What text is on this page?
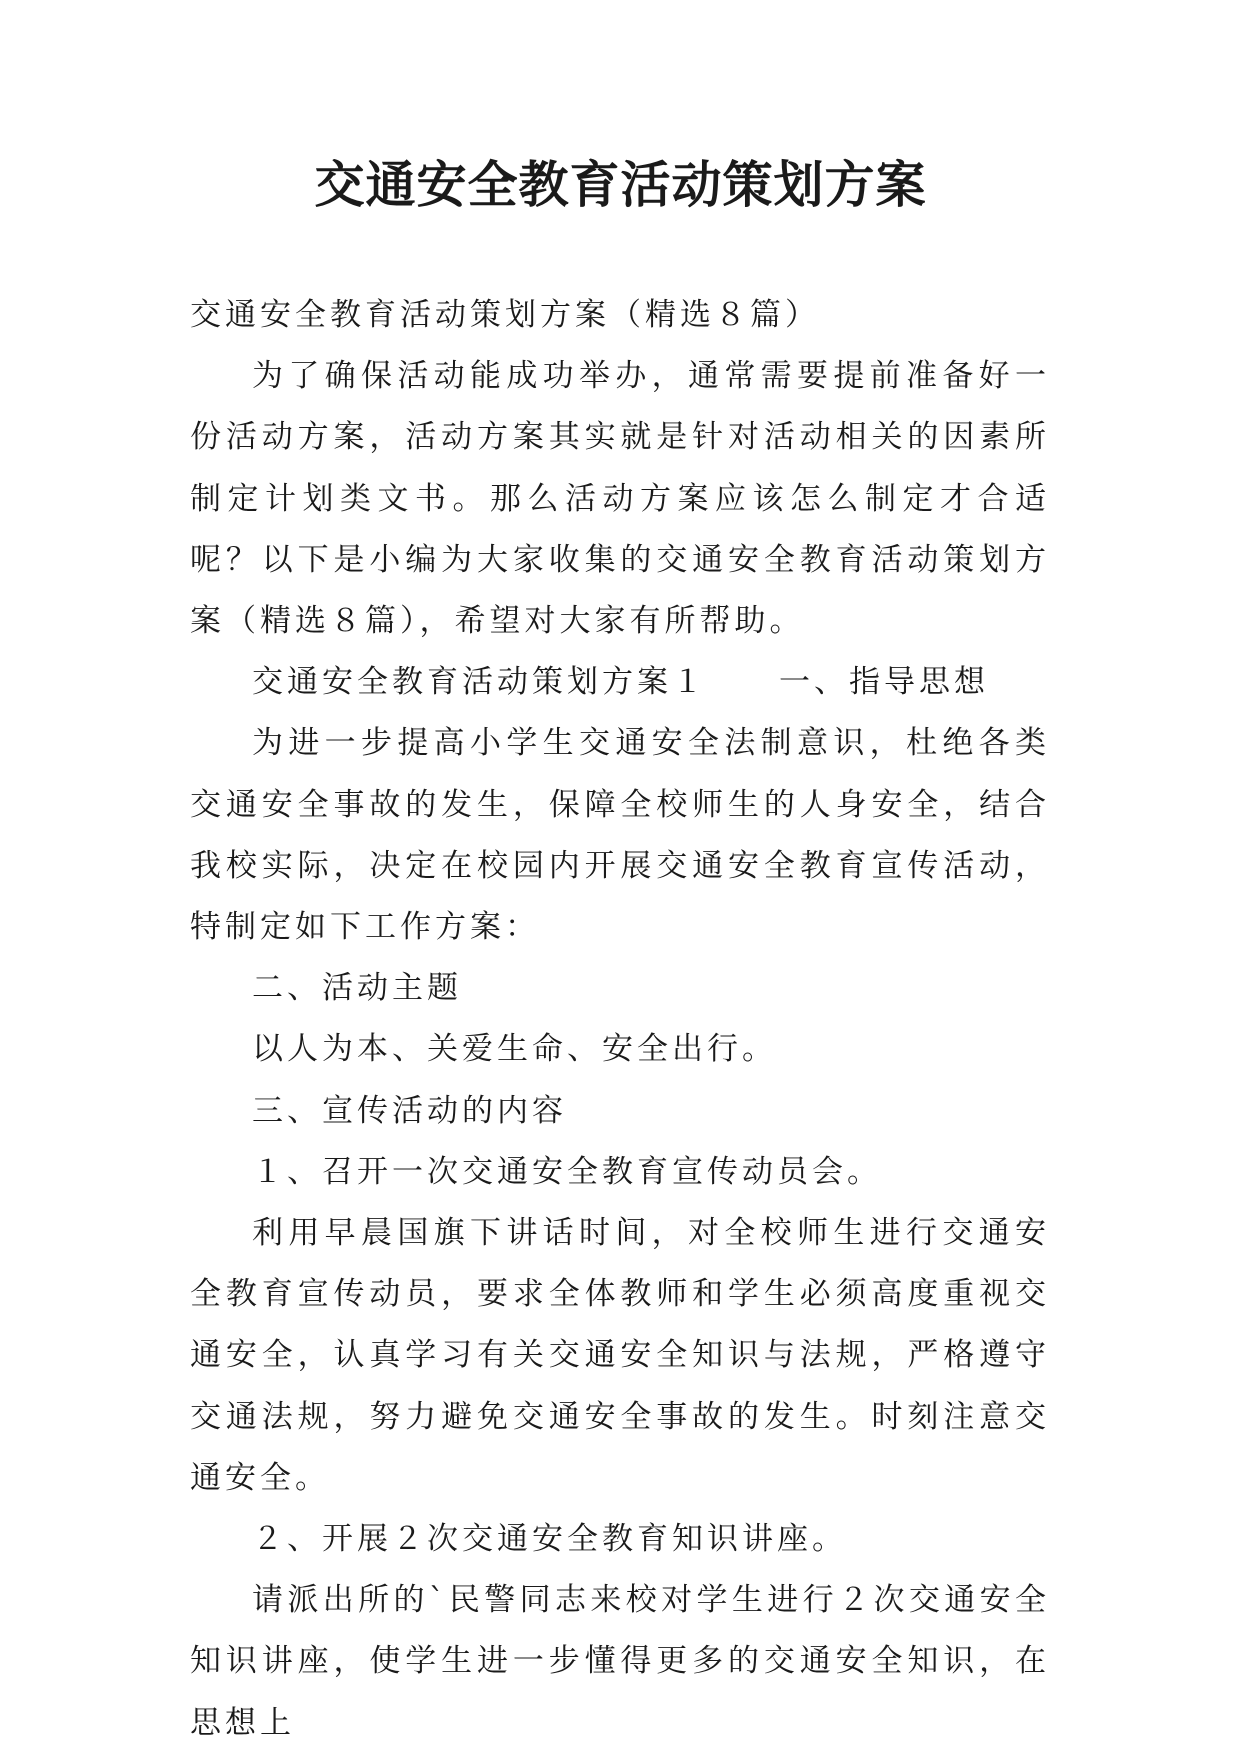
交通安全教育活动策划方案

交通安全教育活动策划方案（精选８篇）

为了确保活动能成功举办，通常需要提前准备好一份活动方案，活动方案其实就是针对活动相关的因素所制定计划类文书。那么活动方案应该怎么制定才合适呢？以下是小编为大家收集的交通安全教育活动策划方案（精选８篇），希望对大家有所帮助。

交通安全教育活动策划方案１ 一、指导思想

为进一步提高小学生交通安全法制意识，杜绝各类交通安全事故的发生，保障全校师生的人身安全，结合我校实际，决定在校园内开展交通安全教育宣传活动，特制定如下工作方案：

二、活动主题

以人为本、关爱生命、安全出行。

三、宣传活动的内容

１、召开一次交通安全教育宣传动员会。

利用早晨国旗下讲话时间，对全校师生进行交通安全教育宣传动员，要求全体教师和学生必须高度重视交通安全，认真学习有关交通安全知识与法规，严格遵守交通法规，努力避免交通安全事故的发生。时刻注意交通安全。

２、开展２次交通安全教育知识讲座。

请派出所的`民警同志来校对学生进行２次交通安全知识讲座，使学生进一步懂得更多的交通安全知识，在思想上
